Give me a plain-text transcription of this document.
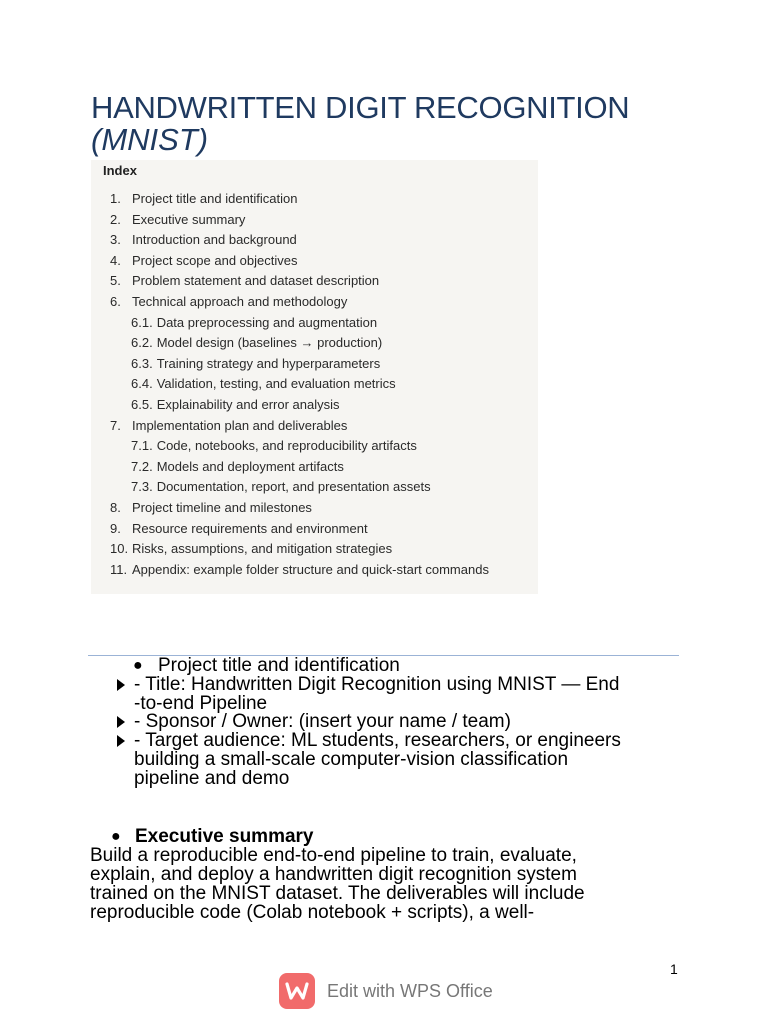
HANDWRITTEN DIGIT RECOGNITION
(MNIST)
Index
1. Project title and identification
2. Executive summary
3. Introduction and background
4. Project scope and objectives
5. Problem statement and dataset description
6. Technical approach and methodology
6.1. Data preprocessing and augmentation
6.2. Model design (baselines → production)
6.3. Training strategy and hyperparameters
6.4. Validation, testing, and evaluation metrics
6.5. Explainability and error analysis
7. Implementation plan and deliverables
7.1. Code, notebooks, and reproducibility artifacts
7.2. Models and deployment artifacts
7.3. Documentation, report, and presentation assets
8. Project timeline and milestones
9. Resource requirements and environment
10. Risks, assumptions, and mitigation strategies
11. Appendix: example folder structure and quick-start commands
● Project title and identification
- Title: Handwritten Digit Recognition using MNIST — End
-to-end Pipeline
- Sponsor / Owner: (insert your name / team)
- Target audience: ML students, researchers, or engineers
building a small-scale computer-vision classification
pipeline and demo
● Executive summary
Build a reproducible end-to-end pipeline to train, evaluate,
explain, and deploy a handwritten digit recognition system
trained on the MNIST dataset. The deliverables will include
reproducible code (Colab notebook + scripts), a well-
1
Edit with WPS Office
